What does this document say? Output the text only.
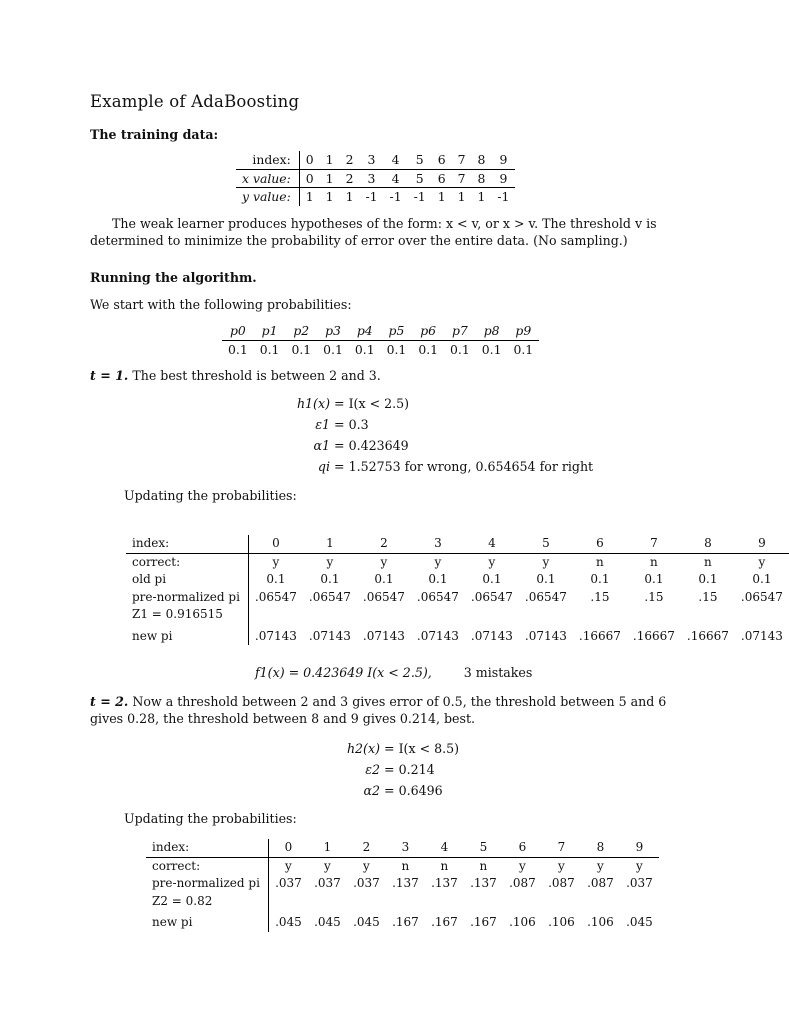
Example of AdaBoosting
The training data:
index:	0	1	2	3	4	5	6	7	8	9
x value:	0	1	2	3	4	5	6	7	8	9
y value:	1	1	1	-1	-1	-1	1	1	1	-1
The weak learner produces hypotheses of the form: x < v, or x > v. The threshold v is determined to minimize the probability of error over the entire data. (No sampling.)
Running the algorithm.
We start with the following probabilities:
p0	p1	p2	p3	p4	p5	p6	p7	p8	p9
0.1	0.1	0.1	0.1	0.1	0.1	0.1	0.1	0.1	0.1
t = 1. The best threshold is between 2 and 3.
h1(x) = I(x < 2.5)
ε1 = 0.3
α1 = 0.423649
qi = 1.52753 for wrong, 0.654654 for right
Updating the probabilities:
index:	0	1	2	3	4	5	6	7	8	9
correct:	y	y	y	y	y	y	n	n	n	y
old pi	0.1	0.1	0.1	0.1	0.1	0.1	0.1	0.1	0.1	0.1
pre-normalized pi	.06547	.06547	.06547	.06547	.06547	.06547	.15	.15	.15	.06547
Z1 = 0.916515										
new pi	.07143	.07143	.07143	.07143	.07143	.07143	.16667	.16667	.16667	.07143
f1(x) = 0.423649 I(x < 2.5),	3 mistakes
t = 2. Now a threshold between 2 and 3 gives error of 0.5, the threshold between 5 and 6 gives 0.28, the threshold between 8 and 9 gives 0.214, best.
h2(x) = I(x < 8.5)
ε2 = 0.214
α2 = 0.6496
Updating the probabilities:
index:	0	1	2	3	4	5	6	7	8	9
correct:	y	y	y	n	n	n	y	y	y	y
pre-normalized pi	.037	.037	.037	.137	.137	.137	.087	.087	.087	.037
Z2 = 0.82										
new pi	.045	.045	.045	.167	.167	.167	.106	.106	.106	.045
